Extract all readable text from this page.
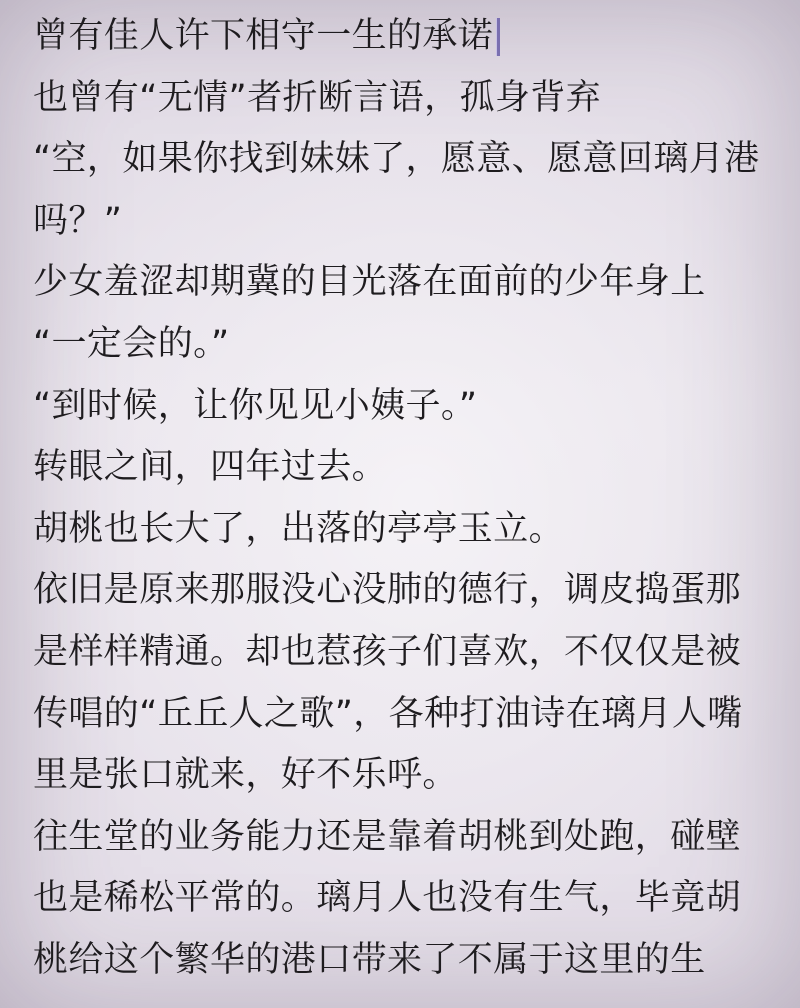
曾有佳人许下相守一生的承诺
也曾有“无情”者折断言语，孤身背弃
“空，如果你找到妹妹了，愿意、愿意回璃月港
吗？”
少女羞涩却期冀的目光落在面前的少年身上
“一定会的。”
“到时候，让你见见小姨子。”
转眼之间，四年过去。
胡桃也长大了，出落的亭亭玉立。
依旧是原来那服没心没肺的德行，调皮捣蛋那
是样样精通。却也惹孩子们喜欢，不仅仅是被
传唱的“丘丘人之歌”，各种打油诗在璃月人嘴
里是张口就来，好不乐呼。
往生堂的业务能力还是靠着胡桃到处跑，碰壁
也是稀松平常的。璃月人也没有生气，毕竟胡
桃给这个繁华的港口带来了不属于这里的生
